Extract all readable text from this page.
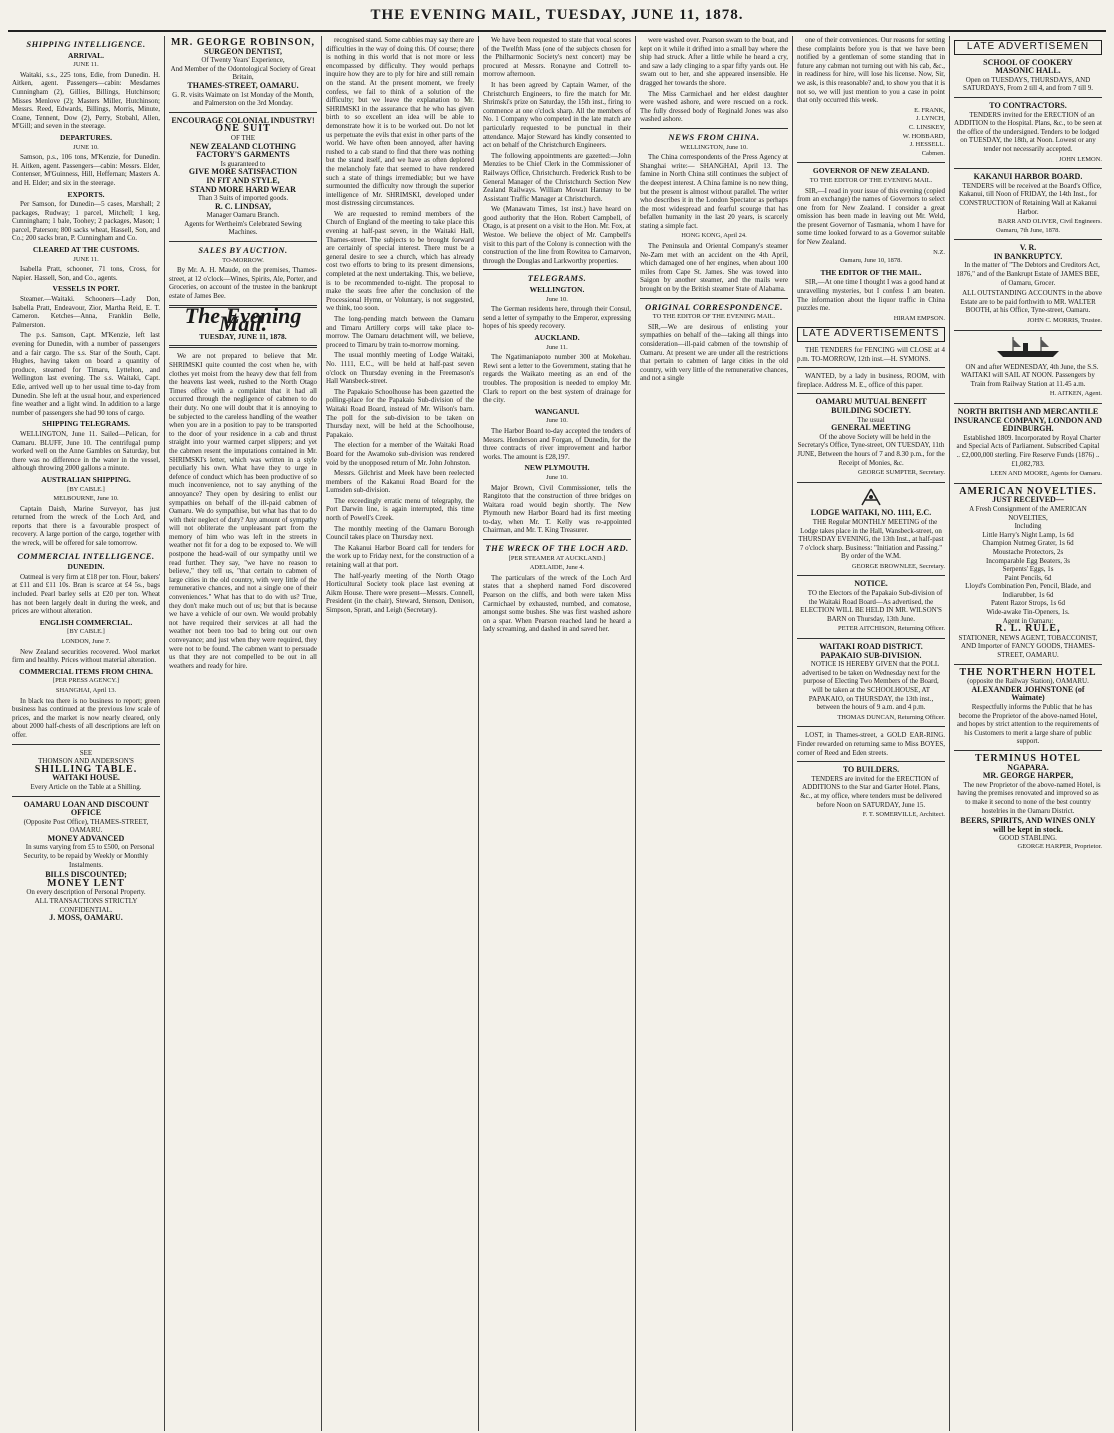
THE EVENING MAIL, TUESDAY, JUNE 11, 1878.
SHIPPING INTELLIGENCE.
ARRIVAL.
JUNE 11.

Waitaki, s.s., 225 tons, Edie, from Dunedin. H. Aitken, agent. Passengers—cabin: Mesdames Cunningham (2), Gillies, Billings, Hutchinson; Misses Menlove (2); Masters Miller, Hutchinson; Messrs. Reed, Edwards, Billings, Morris, Minute, Coane, Tennent, Dow (2), Perry, Stobahl, Allen, M'Gill; and seven in the steerage.

DEPARTURES.
JUNE 10.

Samson, p.s., 106 tons, M'Kenzie, for Dunedin. H. Aitken, agent. Passengers—cabin: Messrs. Elder, Contenser, M'Guinness, Hill, Heffernan; Masters A. and H. Elder; and six in the steerage.

EXPORTS.

Per Samson, for Dunedin—5 cases, Marshall; 2 packages, Rudway; 1 parcel, Mitchell; 1 keg, Cunningham; 1 bale, Toohey; 2 packages, Mason; 1 parcel, Paterson; 800 sacks wheat, Hassell, Son, and Co.; 200 sacks bran, P. Cunningham and Co.

CLEARED AT THE CUSTOMS.
JUNE 11.

Isabella Pratt, schooner, 71 tons, Cross, for Napier. Hassell, Son, and Co., agents.

VESSELS IN PORT.

Steamer.—Waitaki. Schooners—Lady Don, Isabella Pratt, Endeavour, Zior, Martha Reid, E. T. Cameron. Ketches—Anna, Franklin Belle, Palmerston.

The p.s. Samson, Capt. M'Kenzie, left last evening for Dunedin, with a number of passengers and a fair cargo. The s.s. Star of the South, Capt. Hughes, having taken on board a quantity of produce, steamed for Timaru, Lyttelton, and Wellington last evening. The s.s. Waitaki, Capt. Edie, arrived well up to her usual time to-day from Dunedin. She left at the usual hour, and experienced fine weather and a light wind. In addition to a large number of passengers she had 90 tons of cargo.

SHIPPING TELEGRAMS.

WELLINGTON, June 11. Sailed—Pelican, for Oamaru. BLUFF, June 10. The centrifugal pump worked well on the Anne Gambles on Saturday, but there was no difference in the water in the vessel, although throwing 2000 gallons a minute.

AUSTRALIAN SHIPPING.
[BY CABLE.]
MELBOURNE, June 10.

Captain Daish, Marine Surveyor, has just returned from the wreck of the Loch Ard, and reports that there is a favourable prospect of recovery. A large portion of the cargo, together with the wreck, will be offered for sale tomorrow.

COMMERCIAL INTELLIGENCE.
DUNEDIN.

Oatmeal is very firm at £18 per ton. Flour, bakers' at £11 and £11 10s. Bran is scarce at £4 5s., bags included. Pearl barley sells at £20 per ton. Wheat has not been largely dealt in during the week, and prices are without alteration.

ENGLISH COMMERCIAL.
[BY CABLE.]
LONDON, June 7.

New Zealand securities recovered. Wool market firm and healthy. Prices without material alteration.

COMMERCIAL ITEMS FROM CHINA.
[PER PRESS AGENCY.]
SHANGHAI, April 13.

In black tea there is no business to report; green business has continued at the previous low scale of prices, and the market is now nearly cleared, only about 2000 half-chests of all descriptions are left on offer.

SEE
THOMSON AND ANDERSON'S
SHILLING TABLE.
WAITAKI HOUSE.
Every Article on the Table at a Shilling.
OAMARU LOAN AND DISCOUNT OFFICE
(Opposite Post Office), THAMES-STREET, OAMARU.
MONEY ADVANCED

In sums varying from £5 to £500, on Personal Security, to be repaid by Weekly or Monthly Instalments.

BILLS DISCOUNTED;
MONEY LENT
On every description of Personal Property.
ALL TRANSACTIONS STRICTLY CONFIDENTIAL.
J. MOSS, OAMARU.
MR. GEORGE ROBINSON,
SURGEON DENTIST,
Of Twenty Years' Experience,
And Member of the Odontological Society of Great Britain,
THAMES-STREET, OAMARU.
G. R. visits Waimate on 1st Monday of the Month, and Palmerston on the 3rd Monday.
ENCOURAGE COLONIAL INDUSTRY!
ONE SUIT
OF THE
NEW ZEALAND CLOTHING FACTORY'S GARMENTS
Is guaranteed to
GIVE MORE SATISFACTION
IN FIT AND STYLE,
STAND MORE HARD WEAR
Than 3 Suits of imported goods.
R. C. LINDSAY,
Manager Oamaru Branch.
Agents for Wertheim's Celebrated Sewing Machines.
SALES BY AUCTION.
TO-MORROW.

By Mr. A. H. Maude, on the premises, Thames-street, at 12 o'clock—Wines, Spirits, Ale, Porter, and Groceries, on account of the trustee in the bankrupt estate of James Bee.

The Evening Mail.
TUESDAY, JUNE 11, 1878.

We are not prepared to believe that Mr. SHRIMSKI quite counted the cost when he, with clothes yet moist from the heavy dew that fell from the heavens last week, rushed to the North Otago Times office with a complaint that it had all occurred through the negligence of cabmen to do their duty. No one will doubt that it is annoying to be subjected to the careless handling of the weather when you are in a position to pay to be transported to the door of your residence in a cab and thrust straight into your warmed carpet slippers; and yet the cabmen resent the imputations contained in Mr. SHRIMSKI's letter, which was written in a style peculiarly his own. What have they to urge in defence of conduct which has been productive of so much inconvenience, not to say anything of the annoyance? They open by desiring to enlist our sympathies on behalf of the ill-paid cabmen of Oamaru. We do sympathise, but what has that to do with their neglect of duty? Any amount of sympathy will not obliterate the unpleasant part from the memory of him who was left in the streets in weather not fit for a dog to be exposed to. We will postpone the head-wail of our sympathy until we read further. They say, "we have no reason to believe," they tell us, "that certain to cabmen of large cities in the old country, with very little of the remunerative chances, and not a single one of their conveniences." What has that to do with us? True, they don't make much out of us; but that is because we have a vehicle of our own. We would probably not have required their services at all had the weather not been too bad to bring out our own conveyance; and just when they were required, they were not to be found. The cabmen want to persuade us that they are not compelled to be out in all weathers and ready for hire.

recognised stand. Some cabbies may say there are difficulties in the way of doing this. Of course; there is nothing in this world that is not more or less encompassed by difficulty. They would perhaps inquire how they are to ply for hire and still remain on the stand. At the present moment, we freely confess, we fail to think of a solution of the difficulty; but we leave the explanation to Mr. SHRIMSKI in the assurance that he who has given birth to so excellent an idea will be able to demonstrate how it is to be worked out. Do not let us perpetuate the evils that exist in other parts of the world. We have often been annoyed, after having rushed to a cab stand to find that there was nothing but the stand itself, and we have as often deplored the melancholy fate that seemed to have rendered such a state of things irremediable; but we have surmounted the difficulty now through the superior intelligence of Mr. SHRIMSKI, developed under most distressing circumstances.

We are requested to remind members of the Church of England of the meeting to take place this evening at half-past seven, in the Waitaki Hall, Thames-street. The subjects to be brought forward are certainly of special interest. There must be a general desire to see a church, which has already cost two efforts to bring to its present dimensions, completed at the next undertaking. This, we believe, is to be recommended to-night. The proposal to make the seats free after the conclusion of the Processional Hymn, or Voluntary, is not suggested, we think, too soon.

The long-pending match between the Oamaru and Timaru Artillery corps will take place to-morrow. The Oamaru detachment will, we believe, proceed to Timaru by train to-morrow morning.

The usual monthly meeting of Lodge Waitaki, No. 1111, E.C., will be held at half-past seven o'clock on Thursday evening in the Freemason's Hall Wansbeck-street.

The Papakaio Schoolhouse has been gazetted the polling-place for the Papakaio Sub-division of the Waitaki Road Board, instead of Mr. Wilson's barn. The poll for the sub-division to be taken on Thursday next, will be held at the Schoolhouse, Papakaio.

The election for a member of the Waitaki Road Board for the Awamoko sub-division was rendered void by the unopposed return of Mr. John Johnston.

Messrs. Gilchrist and Meek have been reelected members of the Kakanui Road Board for the Lumsden sub-division.

The exceedingly erratic menu of telegraphy, the Port Darwin line, is again interrupted, this time north of Powell's Creek.

The monthly meeting of the Oamaru Borough Council takes place on Thursday next.

The Kakanui Harbor Board call for tenders for the work up to Friday next, for the construction of a retaining wall at that port.

The half-yearly meeting of the North Otago Horticultural Society took place last evening at Aikm House. There were present—Messrs. Connell, President (in the chair), Steward, Stenson, Denison, Simpson, Spratt, and Leigh (Secretary).

We have been requested to state that vocal scores of the Twelfth Mass (one of the subjects chosen for the Philharmonic Society's next concert) may be procured at Messrs. Ronayne and Cottrell to-morrow afternoon.

It has been agreed by Captain Warner, of the Christchurch Engineers, to fire the match for Mr. Shrimski's prize on Saturday, the 15th inst., firing to commence at one o'clock sharp. All the members of No. 1 Company who competed in the late match are particularly requested to be punctual in their attendance. Major Steward has kindly consented to act on behalf of the Christchurch Engineers.

The following appointments are gazetted:—John Menzies to be Chief Clerk in the Commissioner of Railways Office, Christchurch. Frederick Rush to be General Manager of the Christchurch Section New Zealand Railways. William Mowatt Hannay to be Assistant Traffic Manager at Christchurch.

We (Manawatu Times, 1st inst.) have heard on good authority that the Hon. Robert Campbell, of Otago, is at present on a visit to the Hon. Mr. Fox, at Westoe. We believe the object of Mr. Campbell's visit to this part of the Colony is connection with the construction of the line from Rowitea to Carnarvon, through the Douglas and Larkworthy properties.

TELEGRAMS.
WELLINGTON.
June 10.

The German residents here, through their Consul, send a letter of sympathy to the Emperor, expressing hopes of his speedy recovery.

AUCKLAND.
June 11.

The Ngatimaniapoto number 300 at Mokehau. Rewi sent a letter to the Government, stating that he regards the Waikato meeting as an end of the troubles. The proposition is needed to employ Mr. Clark to report on the best system of drainage for the city.

WANGANUI.
June 10.

The Harbor Board to-day accepted the tenders of Messrs. Henderson and Forgan, of Dunedin, for the three contracts of river improvement and harbor works. The amount is £28,197.

NEW PLYMOUTH.
June 10.

Major Brown, Civil Commissioner, tells the Rangitoto that the construction of three bridges on Waitara road would begin shortly. The New Plymouth new Harbor Board had its first meeting to-day, when Mr. T. Kelly was re-appointed Chairman, and Mr. T. King Treasurer.

THE WRECK OF THE LOCH ARD.
[PER STEAMER AT AUCKLAND.]
ADELAIDE, June 4.

The particulars of the wreck of the Loch Ard states that a shepherd named Ford discovered Pearson on the cliffs, and both were taken Miss Carmichael by exhausted, numbed, and comatose, amongst some bushes. She was first washed ashore on a spar. When Pearson reached land he heard a lady screaming, and dashed in and saved her.

were washed over. Pearson swam to the boat, and kept on it while it drifted into a small bay where the ship had struck. After a little while he heard a cry, and saw a lady clinging to a spar fifty yards out. He swam out to her, and she appeared insensible. He dragged her towards the shore.

The Miss Carmichael and her eldest daughter were washed ashore, and were rescued on a rock. The fully dressed body of Reginald Jones was also washed ashore.

NEWS FROM CHINA.
WELLINGTON, June 10.

The China correspondents of the Press Agency at Shanghai write:— SHANGHAI, April 13. The famine in North China still continues the subject of the deepest interest. A China famine is no new thing, but the present is almost without parallel. The writer who describes it in the London Spectator as perhaps the most widespread and fearful scourge that has befallen humanity in the last 20 years, is scarcely stating a simple fact.

HONG KONG, April 24.

The Peninsula and Oriental Company's steamer Ne-Zam met with an accident on the 4th April, which damaged one of her engines, when about 100 miles from Cape St. James. She was towed into Saigon by another steamer, and the mails were brought on by the British steamer State of Alabama.

ORIGINAL CORRESPONDENCE.
TO THE EDITOR OF THE EVENING MAIL.

SIR,—We are desirous of enlisting your sympathies on behalf of the—taking all things into consideration—ill-paid cabmen of the township of Oamaru. At present we are under all the restrictions that pertain to cabmen of large cities in the old country, with very little of the remunerative chances, and not a single

one of their conveniences. Our reasons for setting these complaints before you is that we have been notified by a gentleman of some standing that in future any cabman not turning out with his cab, &c., in readiness for hire, will lose his license. Now, Sir, we ask, is this reasonable? and, to show you that it is not so, we will just mention to you a case in point that only occurred this week.

E. FRANK,
J. LYNCH,
C. LINSKEY,
W. HOBBARD,
J. HESSELL.
Cabmen.
GOVERNOR OF NEW ZEALAND.
TO THE EDITOR OF THE EVENING MAIL.

SIR,—I read in your issue of this evening (copied from an exchange) the names of Governors to select one from for New Zealand. I consider a great omission has been made in leaving out Mr. Weld, the present Governor of Tasmania, whom I have for some time looked forward to as a Governor suitable for New Zealand.

N.Z.
Oamaru, June 10, 1878.
THE EDITOR OF THE MAIL.

SIR,—At one time I thought I was a good hand at unravelling mysteries, but I confess I am beaten. The information about the liquor traffic in China puzzles me.

HIRAM EMPSON.
LATE ADVERTISEMENTS

THE TENDERS for FENCING will CLOSE at 4 p.m. TO-MORROW, 12th inst.—H. SYMONS.

WANTED, by a lady in business, ROOM, with fireplace. Address M. E., office of this paper.

OAMARU MUTUAL BENEFIT BUILDING SOCIETY.
The usual
GENERAL MEETING

Of the above Society will be held in the Secretary's Office, Tyne-street, ON TUESDAY, 11th JUNE, Between the hours of 7 and 8.30 p.m., for the Receipt of Monies, &c.

GEORGE SUMPTER, Secretary.
LODGE WAITAKI, NO. 1111, E.C.

THE Regular MONTHLY MEETING of the Lodge takes place in the Hall, Wansbeck-street, on THURSDAY EVENING, the 13th Inst., at half-past 7 o'clock sharp. Business: "Initiation and Passing." By order of the W.M.

GEORGE BROWNLEE, Secretary.
NOTICE.

TO the Electors of the Papakaio Sub-division of the Waitaki Road Board—As advertised, the ELECTION WILL BE HELD IN MR. WILSON'S BARN on Thursday, 13th June.

PETER AITCHISON, Returning Officer.
WAITAKI ROAD DISTRICT.
PAPAKAIO SUB-DIVISION.

NOTICE IS HEREBY GIVEN that the POLL advertised to be taken on Wednesday next for the purpose of Electing Two Members of the Board, will be taken at the SCHOOLHOUSE, AT PAPAKAIO, on THURSDAY, the 13th inst., between the hours of 9 a.m. and 4 p.m.

THOMAS DUNCAN, Returning Officer.

LOST, in Thames-street, a GOLD EAR-RING. Finder rewarded on returning same to Miss BOYES, corner of Reed and Eden streets.

TO BUILDERS.

TENDERS are invited for the ERECTION of ADDITIONS to the Star and Garter Hotel. Plans, &c., at my office, where tenders must be delivered before Noon on SATURDAY, June 15.

F. T. SOMERVILLE, Architect.
LATE ADVERTISEMEN
SCHOOL OF COOKERY
MASONIC HALL.
Open on TUESDAYS, THURSDAYS, AND SATURDAYS, From 2 till 4, and from 7 till 9.
TO CONTRACTORS.

TENDERS invited for the ERECTION of an ADDITION to the Hospital. Plans, &c., to be seen at the office of the undersigned. Tenders to be lodged on TUESDAY, the 18th, at Noon. Lowest or any tender not necessarily accepted.

JOHN LEMON.
KAKANUI HARBOR BOARD.

TENDERS will be received at the Board's Office, Kakanui, till Noon of FRIDAY, the 14th Inst., for CONSTRUCTION of Retaining Wall at Kakanui Harbor.

BARR AND OLIVER, Civil Engineers.
Oamaru, 7th June, 1878.
V. R.
IN BANKRUPTCY.

In the matter of "The Debtors and Creditors Act, 1876," and of the Bankrupt Estate of JAMES BEE, of Oamaru, Grocer.

ALL OUTSTANDING ACCOUNTS in the above Estate are to be paid forthwith to MR. WALTER BOOTH, at his Office, Tyne-street, Oamaru.

JOHN C. MORRIS, Trustee.

ON and after WEDNESDAY, 4th June, the S.S. WAITAKI will SAIL AT NOON. Passengers by Train from Railway Station at 11.45 a.m.

H. AITKEN, Agent.
NORTH BRITISH AND MERCANTILE INSURANCE COMPANY, LONDON AND EDINBURGH.

Established 1809. Incorporated by Royal Charter and Special Acts of Parliament. Subscribed Capital .. £2,000,000 sterling. Fire Reserve Funds (1876) .. £1,082,783.

LEEN AND MOORE, Agents for Oamaru.
AMERICAN NOVELTIES.
JUST RECEIVED—
A Fresh Consignment of the AMERICAN NOVELTIES,
Including
Little Harry's Night Lamp, 1s 6d
Champion Nutmeg Grater, 1s 6d
Moustache Protectors, 2s
Incomparable Egg Beaters, 3s
Serpents' Eggs, 1s
Paint Pencils, 6d
Lloyd's Combination Pen, Pencil, Blade, and Indiarubber, 1s 6d
Patent Razor Strops, 1s 6d
Wide-awake Tin-Openers, 1s.
Agent in Oamaru:
R. L. RULE,
STATIONER, NEWS AGENT, TOBACCONIST, AND Importer of FANCY GOODS, THAMES-STREET, OAMARU.
THE NORTHERN HOTEL
(opposite the Railway Station), OAMARU.
ALEXANDER JOHNSTONE (of Waimate)

Respectfully informs the Public that he has become the Proprietor of the above-named Hotel, and hopes by strict attention to the requirements of his Customers to merit a large share of public support.

TERMINUS HOTEL
NGAPARA.
MR. GEORGE HARPER,

The new Proprietor of the above-named Hotel, is having the premises renovated and improved so as to make it second to none of the best country hostelries in the Oamaru District.

BEERS, SPIRITS, AND WINES ONLY will be kept in stock.
GOOD STABLING.
GEORGE HARPER, Proprietor.
